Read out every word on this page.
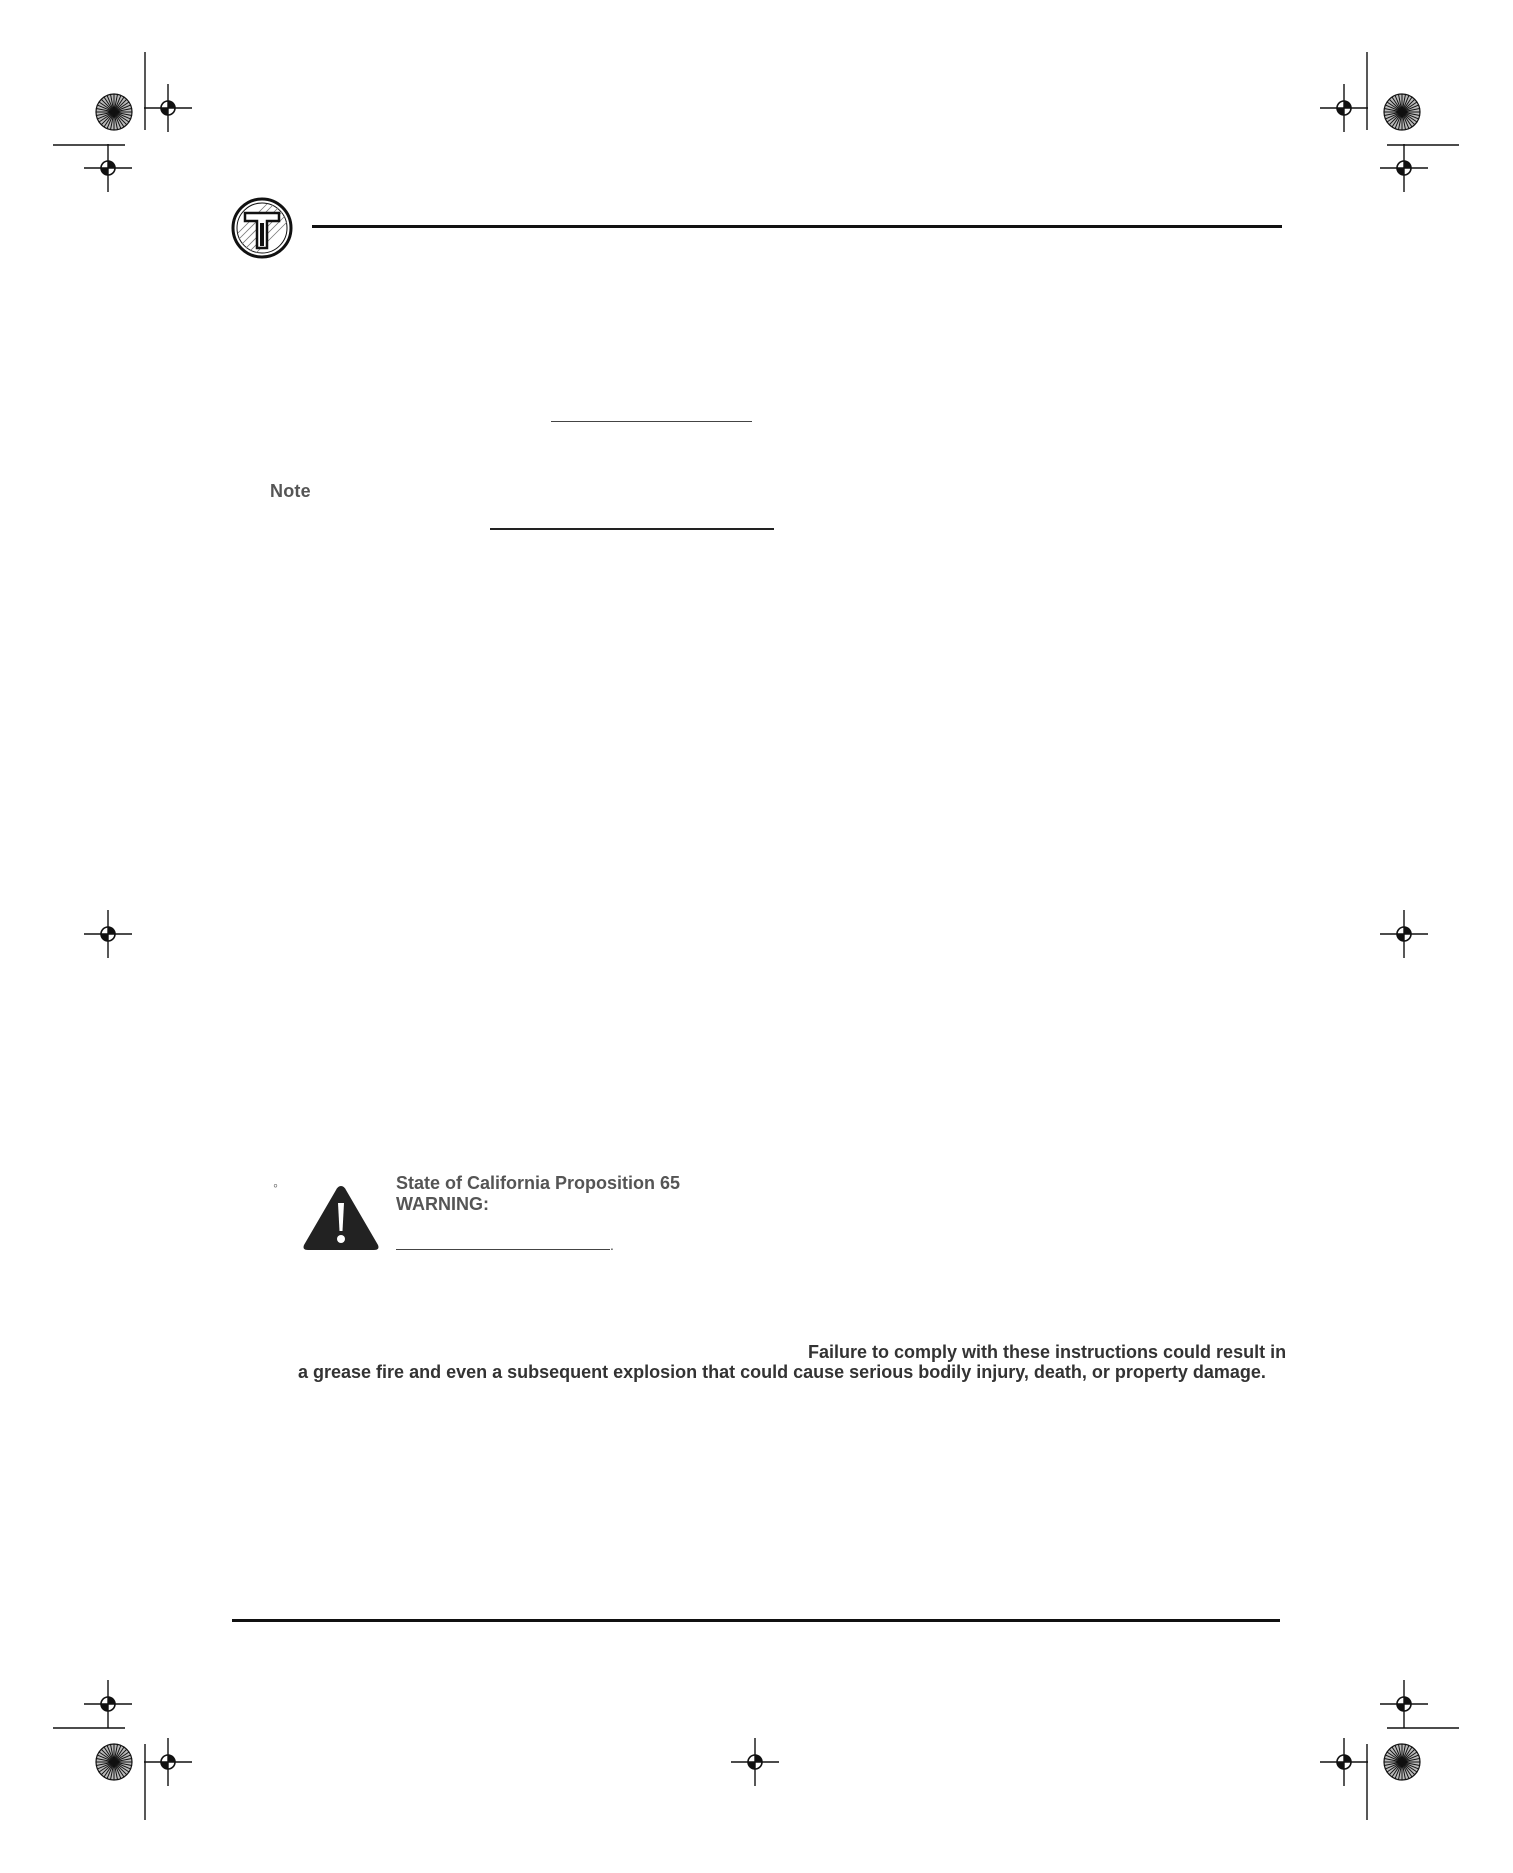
Note
◦	State of California Proposition 65
WARNING:
.
Failure to comply with these instructions could result in
a grease fire and even a subsequent explosion that could cause serious bodily injury, death, or property damage.
